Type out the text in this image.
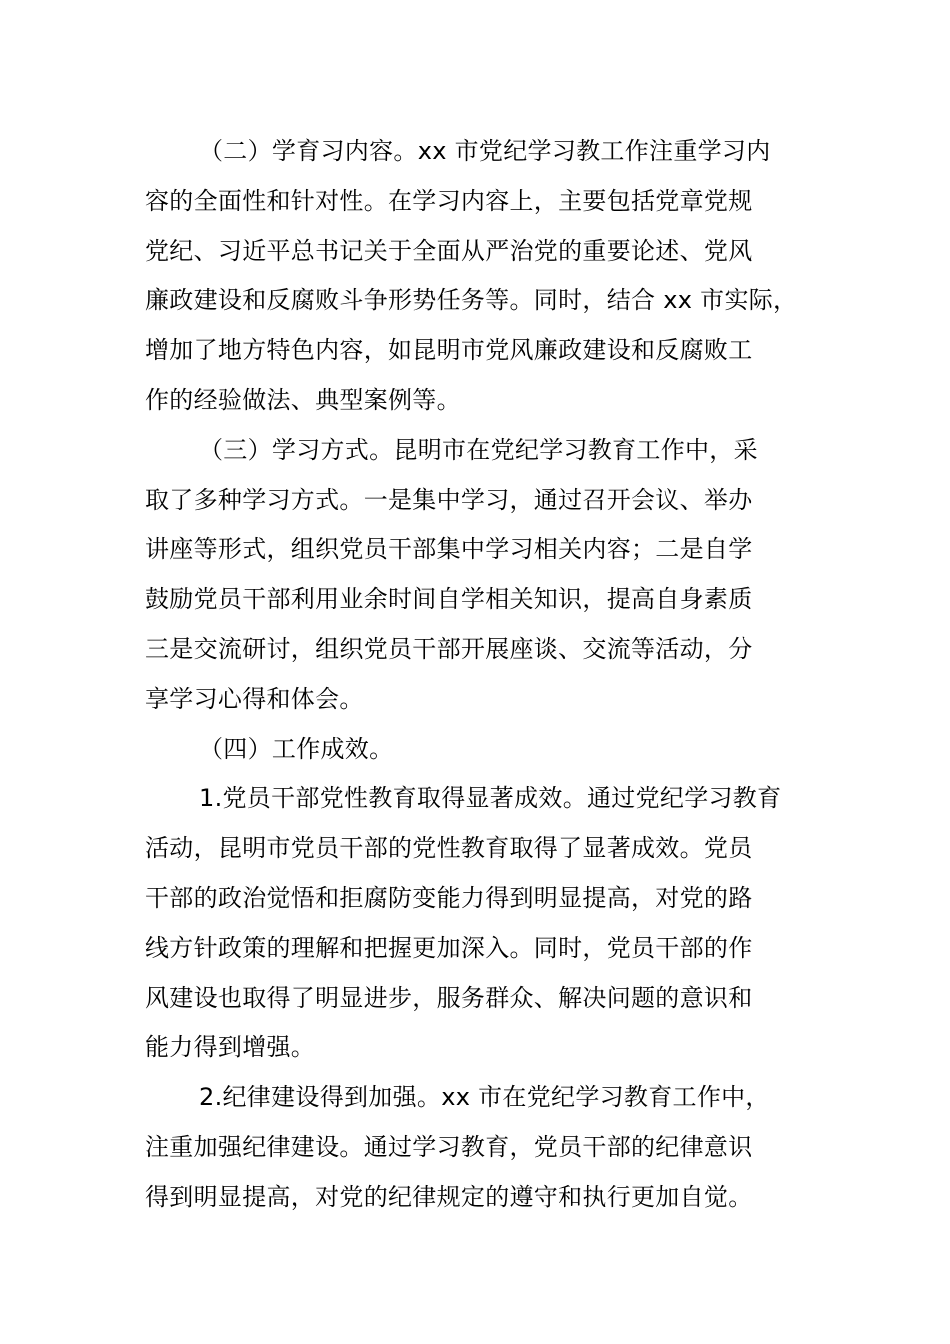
（二）学育习内容。xx 市党纪学习教工作注重学习内
容的全面性和针对性。在学习内容上，主要包括党章党规
党纪、习近平总书记关于全面从严治党的重要论述、党风
廉政建设和反腐败斗争形势任务等。同时，结合 xx 市实际，
增加了地方特色内容，如昆明市党风廉政建设和反腐败工
作的经验做法、典型案例等。
（三）学习方式。昆明市在党纪学习教育工作中，采
取了多种学习方式。一是集中学习，通过召开会议、举办
讲座等形式，组织党员干部集中学习相关内容；二是自学
鼓励党员干部利用业余时间自学相关知识，提高自身素质
三是交流研讨，组织党员干部开展座谈、交流等活动，分
享学习心得和体会。
（四）工作成效。
1.党员干部党性教育取得显著成效。通过党纪学习教育
活动，昆明市党员干部的党性教育取得了显著成效。党员
干部的政治觉悟和拒腐防变能力得到明显提高，对党的路
线方针政策的理解和把握更加深入。同时，党员干部的作
风建设也取得了明显进步，服务群众、解决问题的意识和
能力得到增强。
2.纪律建设得到加强。xx 市在党纪学习教育工作中，
注重加强纪律建设。通过学习教育，党员干部的纪律意识
得到明显提高，对党的纪律规定的遵守和执行更加自觉。
